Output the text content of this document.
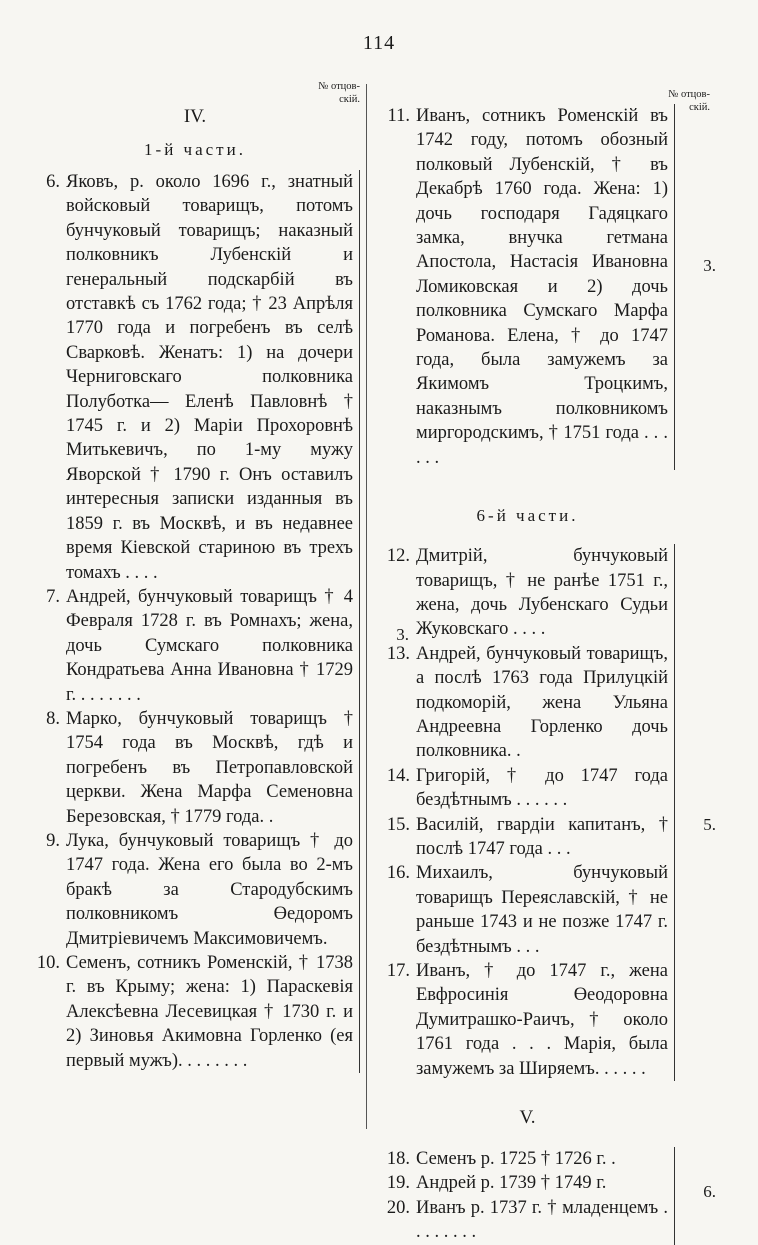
114
№ отцов-
скій.	№ отцов-
скій.

IV.

1-й части.

6. Яковъ, р. около 1696 г., знатный войсковый товарищъ, потомъ бунчуковый товарищъ; наказный полковникъ Лубенскій и генеральный подскарбій въ отставкѣ съ 1762 года; † 23 Апрѣля 1770 года и погребенъ въ селѣ Сварковѣ. Женатъ: 1) на дочери Черниговскаго полковника Полуботка— Еленѣ Павловнѣ † 1745 г. и 2) Маріи Прохоровнѣ Митькевичъ, по 1-му мужу Яворской † 1790 г. Онъ оставилъ интересныя записки изданныя въ 1859 г. въ Москвѣ, и въ недавнее время Кіевской стариною въ трехъ томахъ . . . .
7. Андрей, бунчуковый товарищъ † 4 Февраля 1728 г. въ Ромнахъ; жена, дочь Сумскаго полковника Кондратьева Анна Ивановна † 1729 г. . . . . . . .
3.
8. Марко, бунчуковый товарищъ † 1754 года въ Москвѣ, гдѣ и погребенъ въ Петропавловской церкви. Жена Марфа Семеновна Березовская, † 1779 года. .
9. Лука, бунчуковый товарищъ † до 1747 года. Жена его была во 2-мъ бракѣ за Стародубскимъ полковникомъ Өедоромъ Дмитріевичемъ Максимовичемъ.
10. Семенъ, сотникъ Роменскій, † 1738 г. въ Крыму; жена: 1) Параскевія Алексѣевна Лесевицкая † 1730 г. и 2) Зиновья Акимовна Горленко (ея первый мужъ). . . . . . . .
11. Иванъ, сотникъ Роменскій въ 1742 году, потомъ обозный полковый Лубенскій, † въ Декабрѣ 1760 года. Жена: 1) дочь господаря Гадяцкаго замка, внучка гетмана Апостола, Настасія Ивановна Ломиковская и 2) дочь полковника Сумскаго Марфа Романова. Елена, † до 1747 года, была замужемъ за Якимомъ Троцкимъ, наказнымъ полковникомъ миргородскимъ, † 1751 года . . . . . .
3.

6-й части.

12. Дмитрій, бунчуковый товарищъ, † не ранѣе 1751 г., жена, дочь Лубенскаго Судьи Жуковскаго . . . .
13. Андрей, бунчуковый товарищъ, а послѣ 1763 года Прилуцкій подкоморій, жена Ульяна Андреевна Горленко дочь полковника. .
14. Григорій, † до 1747 года бездѣтнымъ . . . . . .
15. Василій, гвардіи капитанъ, † послѣ 1747 года . . .
5.
16. Михаилъ, бунчуковый товарищъ Переяславскій, † не раньше 1743 и не позже 1747 г. бездѣтнымъ . . .
17. Иванъ, † до 1747 г., жена Евфросинія Өеодоровна Думитрашко-Раичъ, † около 1761 года . . . Марія, была замужемъ за Ширяемъ. . . . . .

V.

18. Семенъ р. 1725 † 1726 г. .
19. Андрей р. 1739 † 1749 г.
20. Иванъ р. 1737 г. † младенцемъ . . . . . . . .
6.
